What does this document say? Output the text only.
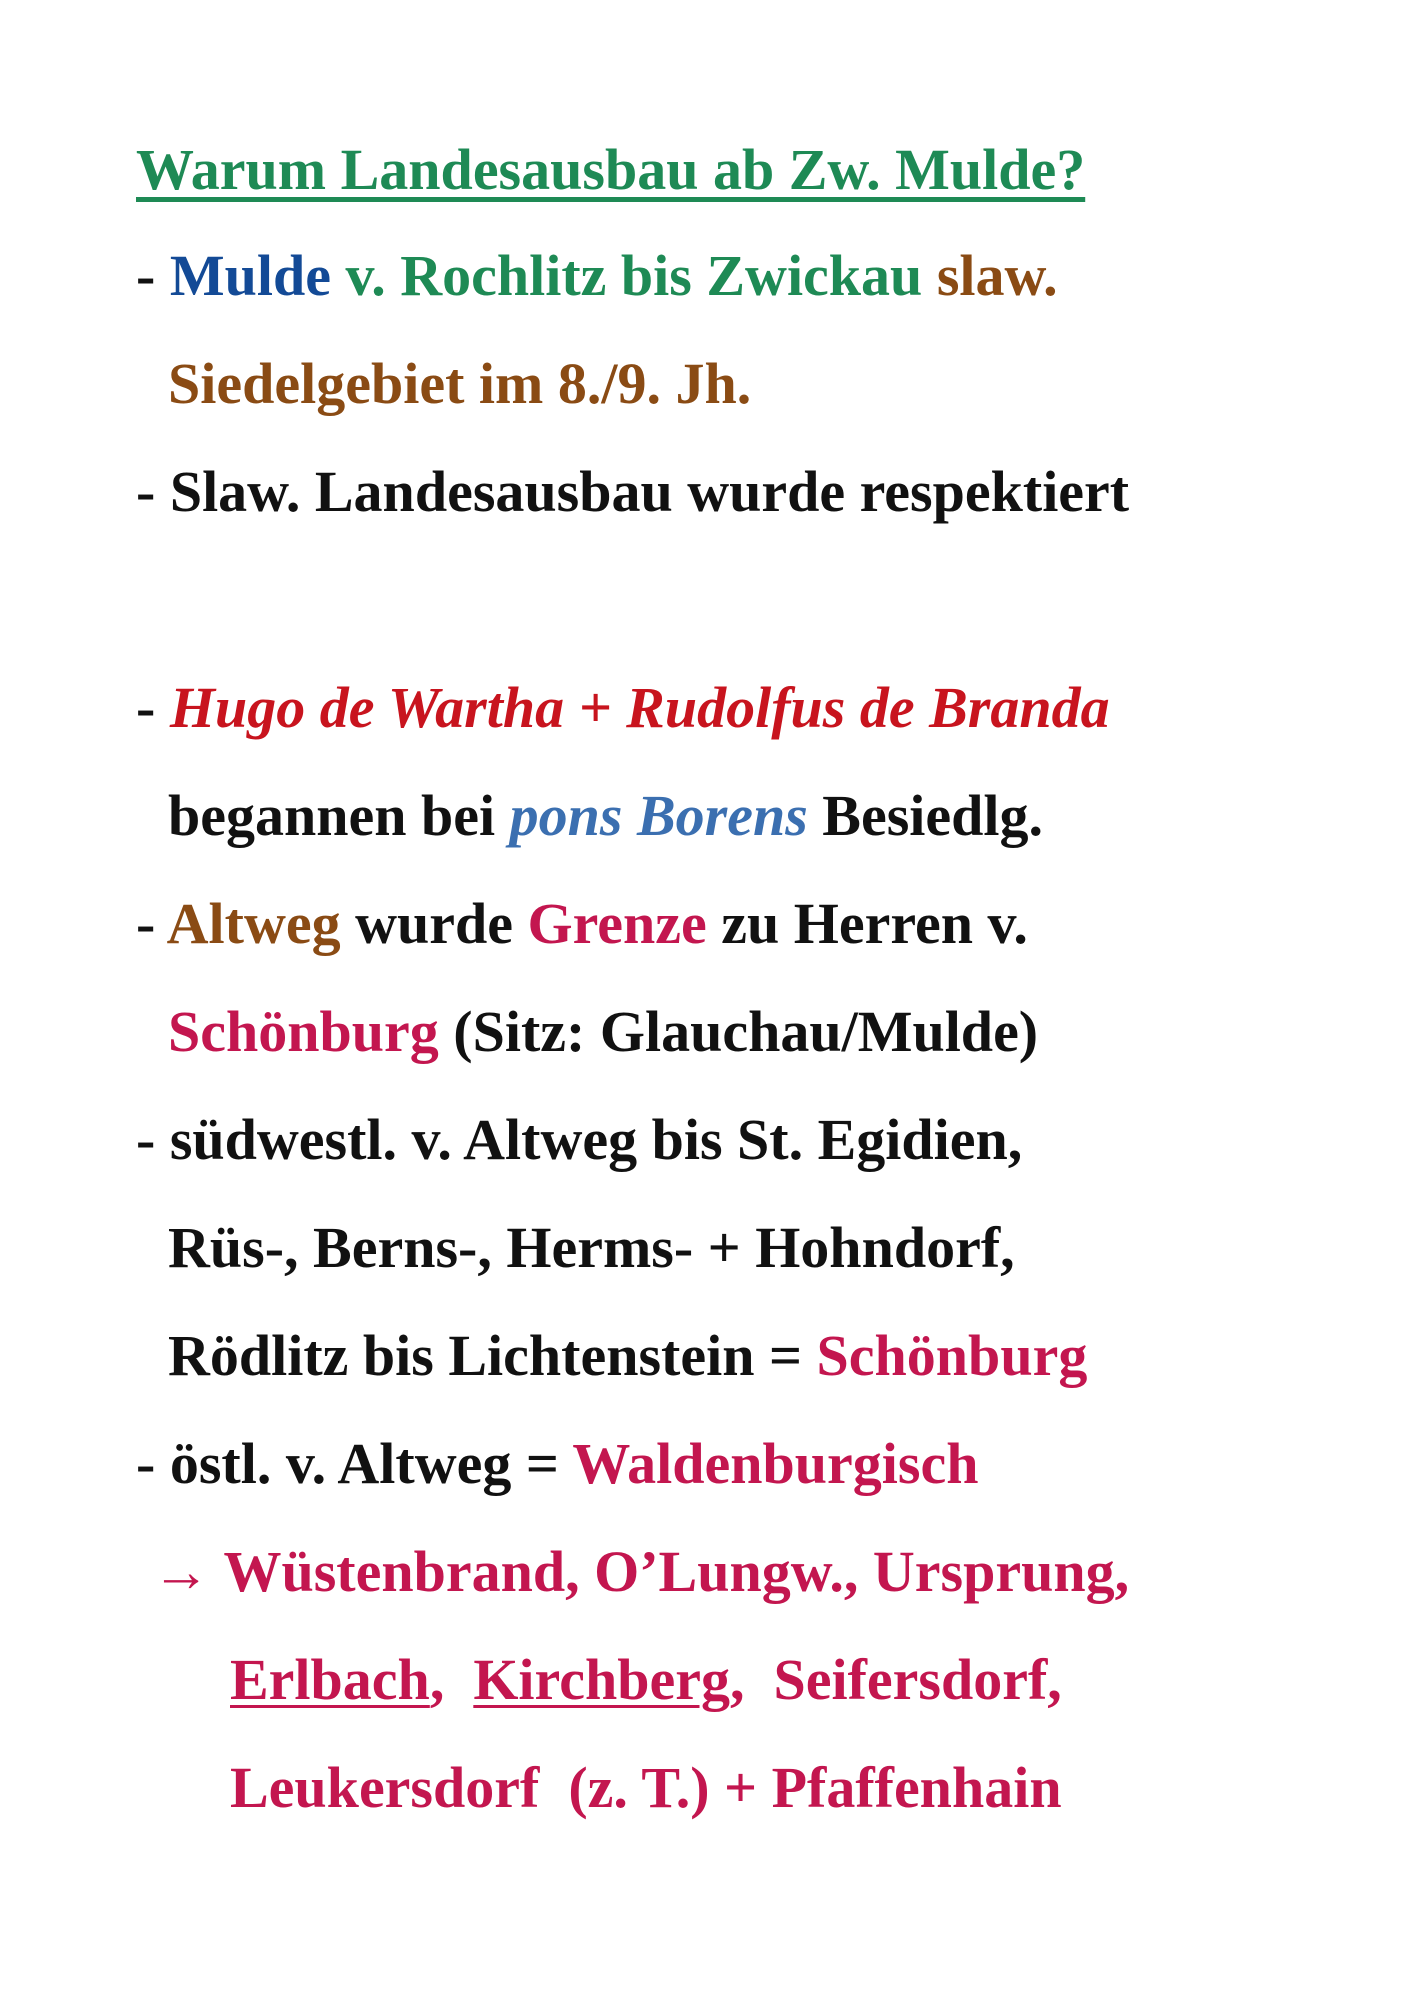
Warum Landesausbau ab Zw. Mulde?
- Mulde v. Rochlitz bis Zwickau slaw.
Siedelgebiet im 8./9. Jh.
- Slaw. Landesausbau wurde respektiert
- Hugo de Wartha + Rudolfus de Branda
begannen bei pons Borens Besiedlg.
- Altweg wurde Grenze zu Herren v.
Schönburg (Sitz: Glauchau/Mulde)
- südwestl. v. Altweg bis St. Egidien,
Rüs-, Berns-, Herms- + Hohndorf,
Rödlitz bis Lichtenstein = Schönburg
- östl. v. Altweg = Waldenburgisch
→ Wüstenbrand, O’Lungw., Ursprung,
Erlbach,  Kirchberg,  Seifersdorf,
Leukersdorf  (z. T.) + Pfaffenhain
